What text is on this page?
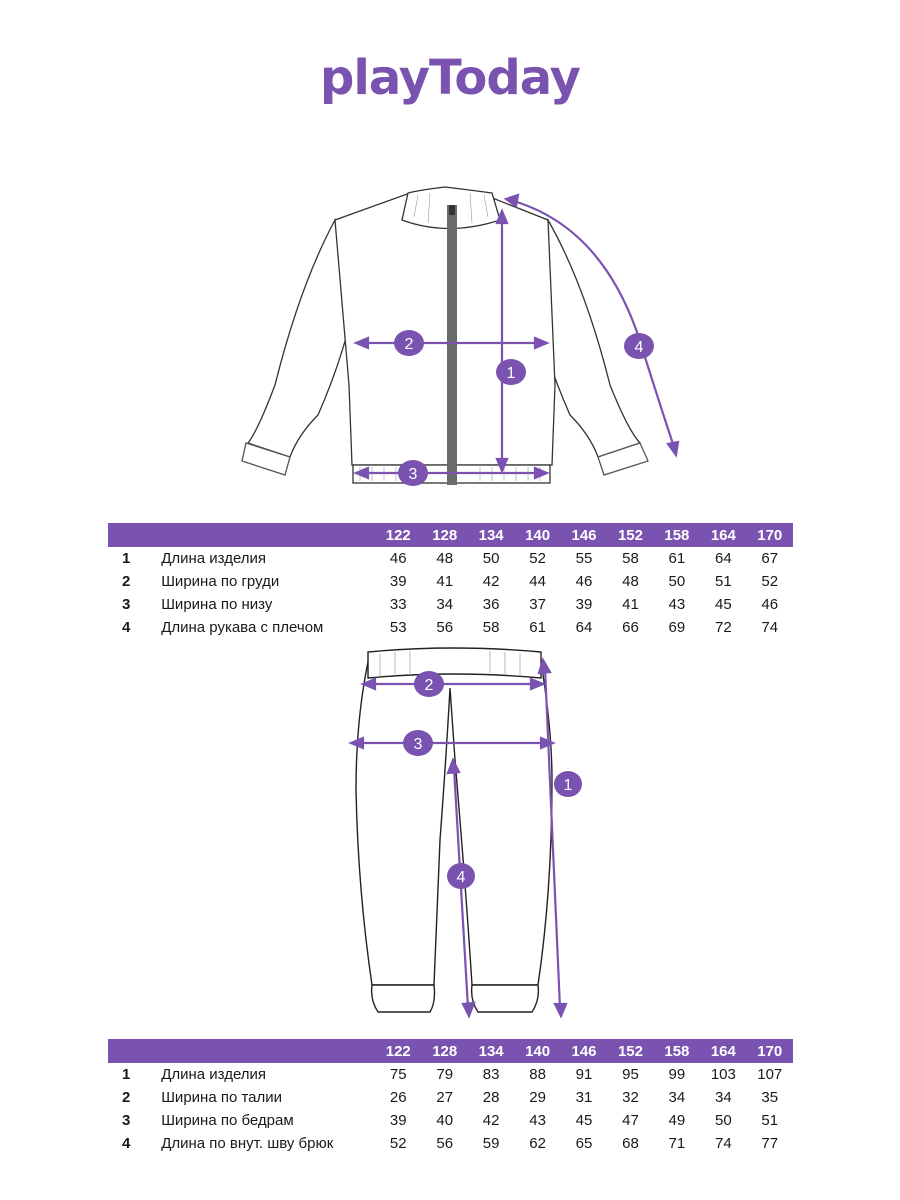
playToday
1
2
3
4
		122	128	134	140	146	152	158	164	170
1	Длина изделия	46	48	50	52	55	58	61	64	67
2	Ширина по груди	39	41	42	44	46	48	50	51	52
3	Ширина по низу	33	34	36	37	39	41	43	45	46
4	Длина рукава с плечом	53	56	58	61	64	66	69	72	74
1
2
3
4
		122	128	134	140	146	152	158	164	170
1	Длина изделия	75	79	83	88	91	95	99	103	107
2	Ширина по талии	26	27	28	29	31	32	34	34	35
3	Ширина по бедрам	39	40	42	43	45	47	49	50	51
4	Длина по внут. шву брюк	52	56	59	62	65	68	71	74	77
